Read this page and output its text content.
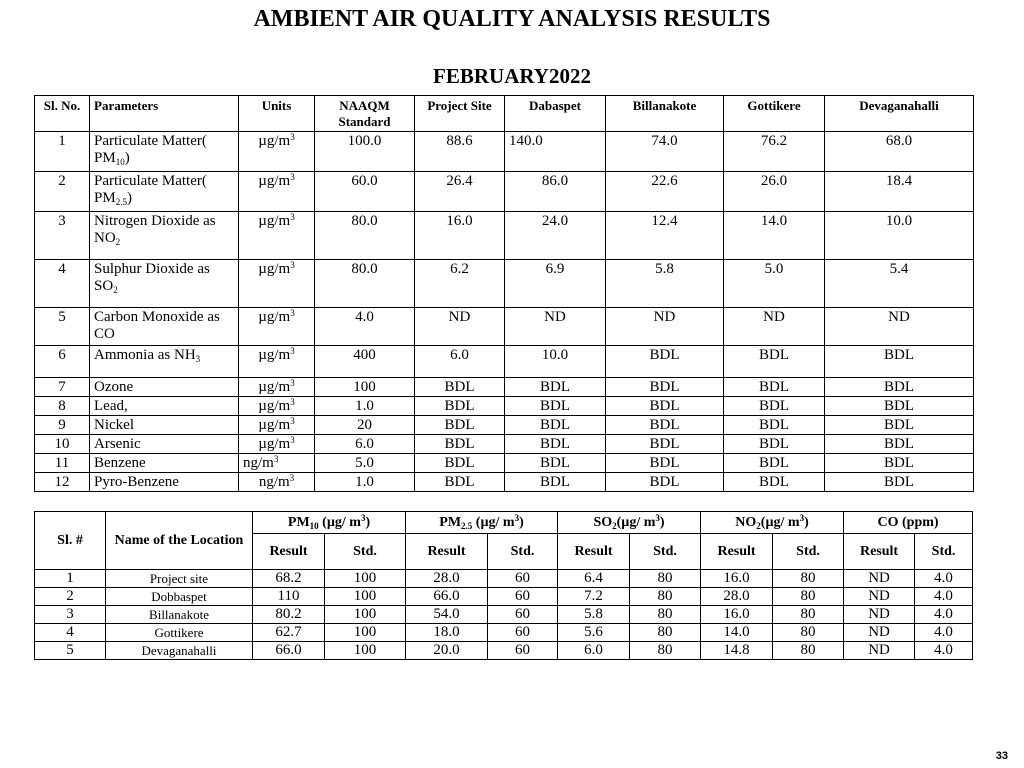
AMBIENT AIR QUALITY ANALYSIS RESULTS
FEBRUARY2022
Sl. No.	Parameters	Units	NAAQM Standard	Project Site	Dabaspet	Billanakote	Gottikere	Devaganahalli
1	Particulate Matter( $PM_{10}$)	$\mu g/m^3$	100.0	88.6	140.0	74.0	76.2	68.0
2	Particulate Matter( $PM_{2.5}$)	$\mu g/m^3$	60.0	26.4	86.0	22.6	26.0	18.4
3	Nitrogen Dioxide as $NO_2$	$\mu g/m^3$	80.0	16.0	24.0	12.4	14.0	10.0
4	Sulphur Dioxide as $SO_2$	$\mu g/m^3$	80.0	6.2	6.9	5.8	5.0	5.4
5	Carbon Monoxide as CO	$\mu g/m^3$	4.0	ND	ND	ND	ND	ND
6	Ammonia as $NH_3$	$\mu g/m^3$	400	6.0	10.0	BDL	BDL	BDL
7	Ozone	$\mu g/m^3$	100	BDL	BDL	BDL	BDL	BDL
8	Lead,	$\mu g/m^3$	1.0	BDL	BDL	BDL	BDL	BDL
9	Nickel	$\mu g/m^3$	20	BDL	BDL	BDL	BDL	BDL
10	Arsenic	$\mu g/m^3$	6.0	BDL	BDL	BDL	BDL	BDL
11	Benzene	$ng/m^3$	5.0	BDL	BDL	BDL	BDL	BDL
12	Pyro-Benzene	$ng/m^3$	1.0	BDL	BDL	BDL	BDL	BDL
Sl. #	Name of the Location	$PM_{10}$ (µg/ $m^3$)		$PM_{2.5}$ (µg/ $m^3$)		$SO_2(\mu g/$ $m^3$)		$NO_2(\mu g/$ $m^3$)		CO (ppm)	
		Result	Std.	Result	Std.	Result	Std.	Result	Std.	Result	Std.
1	Project site	68.2	100	28.0	60	6.4	80	16.0	80	ND	4.0
2	Dobbaspet	110	100	66.0	60	7.2	80	28.0	80	ND	4.0
3	Billanakote	80.2	100	54.0	60	5.8	80	16.0	80	ND	4.0
4	Gottikere	62.7	100	18.0	60	5.6	80	14.0	80	ND	4.0
5	Devaganahalli	66.0	100	20.0	60	6.0	80	14.8	80	ND	4.0
33
